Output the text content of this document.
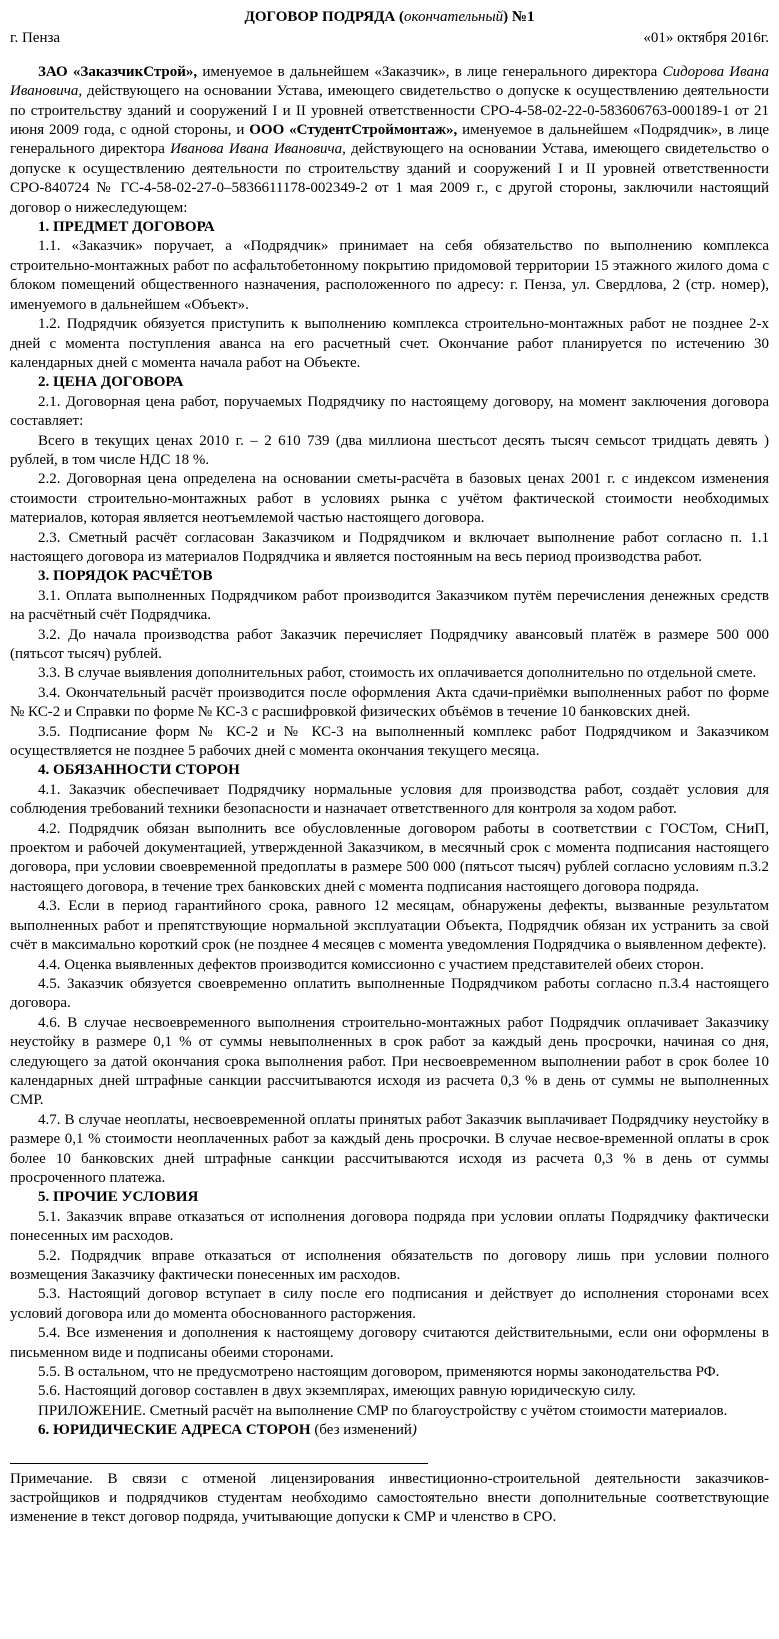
ДОГОВОР ПОДРЯДА (окончательный) №1
г. Пенза	«01» октября 2016г.

ЗАО «ЗаказчикСтрой», именуемое в дальнейшем «Заказчик», в лице генерального директора Сидорова Ивана Ивановича, действующего на основании Устава, имеющего свидетельство о допуске к осуществлению деятельности по строительству зданий и сооружений I и II уровней ответственности СРО-4-58-02-22-0-583606763-000189-1 от 21 июня 2009 года, с одной стороны, и ООО «СтудентСтроймонтаж», именуемое в дальнейшем «Подрядчик», в лице генерального директора Иванова Ивана Ивановича, действующего на основании Устава, имеющего свидетельство о допуске к осуществлению деятельности по строительству зданий и сооружений I и II уровней ответственности СРО-840724 № ГС-4-58-02-27-0–5836611178-002349-2 от 1 мая 2009 г., с другой стороны, заключили настоящий договор о нижеследующем:

1. ПРЕДМЕТ ДОГОВОРА

1.1. «Заказчик» поручает, а «Подрядчик» принимает на себя обязательство по выполнению комплекса строительно-монтажных работ по асфальтобетонному покрытию придомовой территории 15 этажного жилого дома с блоком помещений общественного назначения, расположенного по адресу: г. Пенза, ул. Свердлова, 2 (стр. номер), именуемого в дальнейшем «Объект».

1.2. Подрядчик обязуется приступить к выполнению комплекса строительно-монтажных работ не позднее 2-х дней с момента поступления аванса на его расчетный счет. Окончание работ планируется по истечению 30 календарных дней с момента начала работ на Объекте.

2. ЦЕНА ДОГОВОРА

2.1. Договорная цена работ, поручаемых Подрядчику по настоящему договору, на момент заключения договора составляет:

Всего в текущих ценах 2010 г. – 2 610 739 (два миллиона шестьсот десять тысяч семьсот тридцать девять ) рублей, в том числе НДС 18 %.

2.2. Договорная цена определена на основании сметы-расчёта в базовых ценах 2001 г. с индексом изменения стоимости строительно-монтажных работ в условиях рынка с учётом фактической стоимости необходимых материалов, которая является неотъемлемой частью настоящего договора.

2.3. Сметный расчёт согласован Заказчиком и Подрядчиком и включает выполнение работ согласно п. 1.1 настоящего договора из материалов Подрядчика и является постоянным на весь период производства работ.

3. ПОРЯДОК РАСЧЁТОВ

3.1. Оплата выполненных Подрядчиком работ производится Заказчиком путём перечисления денежных средств на расчётный счёт Подрядчика.

3.2. До начала производства работ Заказчик перечисляет Подрядчику авансовый платёж в размере 500 000 (пятьсот тысяч) рублей.

3.3. В случае выявления дополнительных работ, стоимость их оплачивается дополнительно по отдельной смете.

3.4. Окончательный расчёт производится после оформления Акта сдачи-приёмки выполненных работ по форме № КС-2 и Справки по форме № КС-3 с расшифровкой физических объёмов в течение 10 банковских дней.

3.5. Подписание форм № КС-2 и № КС-3 на выполненный комплекс работ Подрядчиком и Заказчиком осуществляется не позднее 5 рабочих дней с момента окончания текущего месяца.

4. ОБЯЗАННОСТИ СТОРОН

4.1. Заказчик обеспечивает Подрядчику нормальные условия для производства работ, создаёт условия для соблюдения требований техники безопасности и назначает ответственного для контроля за ходом работ.

4.2. Подрядчик обязан выполнить все обусловленные договором работы в соответствии с ГОСТом, СНиП, проектом и рабочей документацией, утвержденной Заказчиком, в месячный срок с момента подписания настоящего договора, при условии своевременной предоплаты в размере 500 000 (пятьсот тысяч) рублей согласно условиям п.3.2 настоящего договора, в течение трех банковских дней с момента подписания настоящего договора подряда.

4.3. Если в период гарантийного срока, равного 12 месяцам, обнаружены дефекты, вызванные результатом выполненных работ и препятствующие нормальной эксплуатации Объекта, Подрядчик обязан их устранить за свой счёт в максимально короткий срок (не позднее 4 месяцев с момента уведомления Подрядчика о выявленном дефекте).

4.4. Оценка выявленных дефектов производится комиссионно с участием представителей обеих сторон.

4.5. Заказчик обязуется своевременно оплатить выполненные Подрядчиком работы согласно п.3.4 настоящего договора.

4.6. В случае несвоевременного выполнения строительно-монтажных работ Подрядчик оплачивает Заказчику неустойку в размере 0,1 % от суммы невыполненных в срок работ за каждый день просрочки, начиная со дня, следующего за датой окончания срока выполнения работ. При несвоевременном выполнении работ в срок более 10 календарных дней штрафные санкции рассчитываются исходя из расчета 0,3 % в день от суммы не выполненных СМР.

4.7. В случае неоплаты, несвоевременной оплаты принятых работ Заказчик выплачивает Подрядчику неустойку в размере 0,1 % стоимости неоплаченных работ за каждый день просрочки. В случае несвое-временной оплаты в срок более 10 банковских дней штрафные санкции рассчитываются исходя из расчета 0,3 % в день от суммы просроченного платежа.

5. ПРОЧИЕ УСЛОВИЯ

5.1. Заказчик вправе отказаться от исполнения договора подряда при условии оплаты Подрядчику фактически понесенных им расходов.

5.2. Подрядчик вправе отказаться от исполнения обязательств по договору лишь при условии полного возмещения Заказчику фактически понесенных им расходов.

5.3. Настоящий договор вступает в силу после его подписания и действует до исполнения сторонами всех условий договора или до момента обоснованного расторжения.

5.4. Все изменения и дополнения к настоящему договору считаются действительными, если они оформлены в письменном виде и подписаны обеими сторонами.

5.5. В остальном, что не предусмотрено настоящим договором, применяются нормы законодательства РФ.

5.6. Настоящий договор составлен в двух экземплярах, имеющих равную юридическую силу.

ПРИЛОЖЕНИЕ. Сметный расчёт на выполнение СМР по благоустройству с учётом стоимости материалов.

6. ЮРИДИЧЕСКИЕ АДРЕСА СТОРОН (без изменений)

Примечание. В связи с отменой лицензирования инвестиционно-строительной деятельности заказчиков-застройщиков и подрядчиков студентам необходимо самостоятельно внести дополнительные соответствующие изменение в текст договор подряда, учитывающие допуски к СМР и членство в СРО.
